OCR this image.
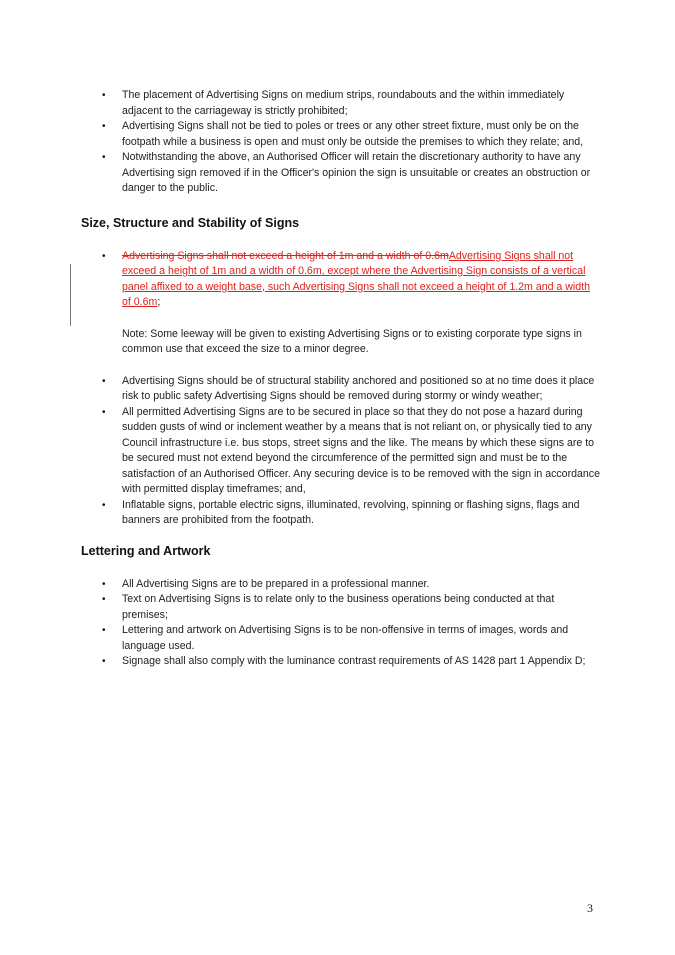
• The placement of Advertising Signs on medium strips, roundabouts and the within immediately adjacent to the carriageway is strictly prohibited;
• Advertising Signs shall not be tied to poles or trees or any other street fixture, must only be on the footpath while a business is open and must only be outside the premises to which they relate; and,
• Notwithstanding the above, an Authorised Officer will retain the discretionary authority to have any Advertising sign removed if in the Officer's opinion the sign is unsuitable or creates an obstruction or danger to the public.
Size, Structure and Stability of Signs
• Advertising Signs shall not exceed a height of 1m and a width of 0.6mAdvertising Signs shall not exceed a height of 1m and a width of 0.6m, except where the Advertising Sign consists of a vertical panel affixed to a weight base, such Advertising Signs shall not exceed a height of 1.2m and a width of 0.6m;
Note: Some leeway will be given to existing Advertising Signs or to existing corporate type signs in common use that exceed the size to a minor degree.
• Advertising Signs should be of structural stability anchored and positioned so at no time does it place risk to public safety Advertising Signs should be removed during stormy or windy weather;
• All permitted Advertising Signs are to be secured in place so that they do not pose a hazard during sudden gusts of wind or inclement weather by a means that is not reliant on, or physically tied to any Council infrastructure i.e. bus stops, street signs and the like. The means by which these signs are to be secured must not extend beyond the circumference of the permitted sign and must be to the satisfaction of an Authorised Officer. Any securing device is to be removed with the sign in accordance with permitted display timeframes; and,
• Inflatable signs, portable electric signs, illuminated, revolving, spinning or flashing signs, flags and banners are prohibited from the footpath.
Lettering and Artwork
• All Advertising Signs are to be prepared in a professional manner.
• Text on Advertising Signs is to relate only to the business operations being conducted at that premises;
• Lettering and artwork on Advertising Signs is to be non-offensive in terms of images, words and language used.
• Signage shall also comply with the luminance contrast requirements of AS 1428 part 1 Appendix D;
3
